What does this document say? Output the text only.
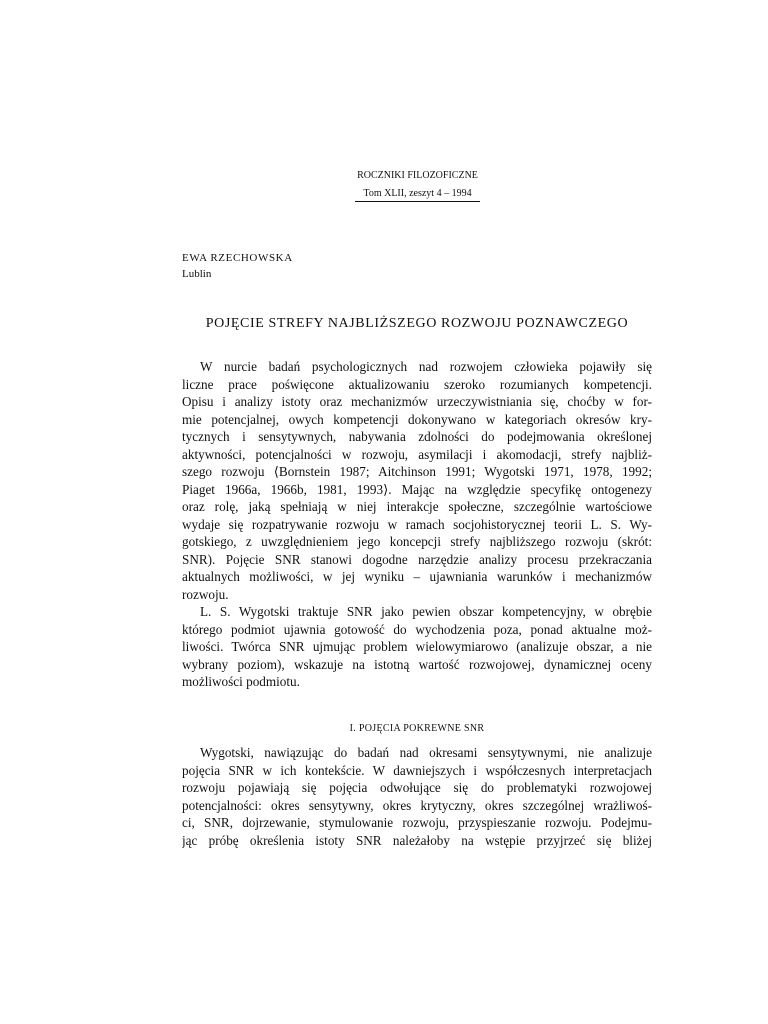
ROCZNIKI FILOZOFICZNE
Tom XLII, zeszyt 4 – 1994
EWA RZECHOWSKA
Lublin
POJĘCIE STREFY NAJBLIŻSZEGO ROZWOJU POZNAWCZEGO
W nurcie badań psychologicznych nad rozwojem człowieka pojawiły się
liczne prace poświęcone aktualizowaniu szeroko rozumianych kompetencji.
Opisu i analizy istoty oraz mechanizmów urzeczywistniania się, choćby w for-
mie potencjalnej, owych kompetencji dokonywano w kategoriach okresów kry-
tycznych i sensytywnych, nabywania zdolności do podejmowania określonej
aktywności, potencjalności w rozwoju, asymilacji i akomodacji, strefy najbliż-
szego rozwoju ⟨Bornstein 1987; Aitchinson 1991; Wygotski 1971, 1978, 1992;
Piaget 1966a, 1966b, 1981, 1993⟩. Mając na względzie specyfikę ontogenezy
oraz rolę, jaką spełniają w niej interakcje społeczne, szczególnie wartościowe
wydaje się rozpatrywanie rozwoju w ramach socjohistorycznej teorii L. S. Wy-
gotskiego, z uwzględnieniem jego koncepcji strefy najbliższego rozwoju (skrót:
SNR). Pojęcie SNR stanowi dogodne narzędzie analizy procesu przekraczania
aktualnych możliwości, w jej wyniku – ujawniania warunków i mechanizmów
rozwoju.
L. S. Wygotski traktuje SNR jako pewien obszar kompetencyjny, w obrębie
którego podmiot ujawnia gotowość do wychodzenia poza, ponad aktualne moż-
liwości. Twórca SNR ujmując problem wielowymiarowo (analizuje obszar, a nie
wybrany poziom), wskazuje na istotną wartość rozwojowej, dynamicznej oceny
możliwości podmiotu.
I. POJĘCIA POKREWNE SNR
Wygotski, nawiązując do badań nad okresami sensytywnymi, nie analizuje
pojęcia SNR w ich kontekście. W dawniejszych i współczesnych interpretacjach
rozwoju pojawiają się pojęcia odwołujące się do problematyki rozwojowej
potencjalności: okres sensytywny, okres krytyczny, okres szczególnej wrażliwoś-
ci, SNR, dojrzewanie, stymulowanie rozwoju, przyspieszanie rozwoju. Podejmu-
jąc próbę określenia istoty SNR należałoby na wstępie przyjrzeć się bliżej
